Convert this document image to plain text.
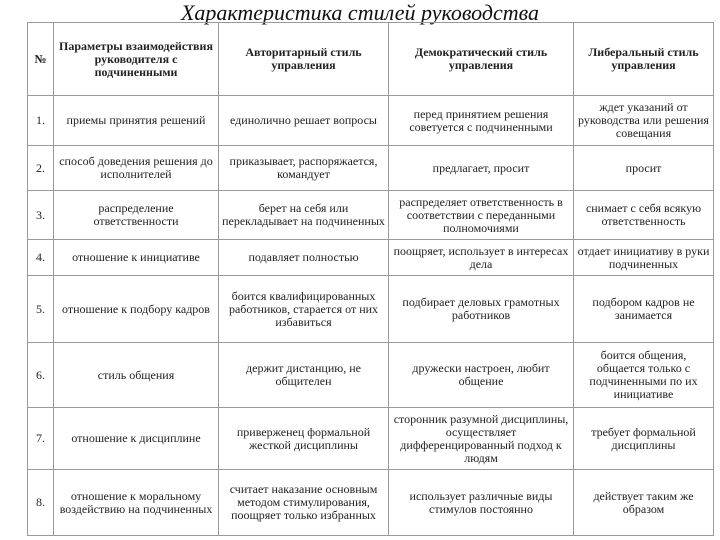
Характеристика стилей руководства
№	Параметры взаимодействия руководителя с подчиненными	Авторитарный стиль управления	Демократический стиль управления	Либеральный стиль управления
1.	приемы принятия решений	единолично решает вопросы	перед принятием решения советуется с подчиненными	ждет указаний от руководства или решения совещания
2.	способ доведения решения до исполнителей	приказывает, распоряжается, командует	предлагает, просит	просит
3.	распределение ответственности	берет на себя или перекладывает на подчиненных	распределяет ответственность в соответствии с переданными полномочиями	снимает с себя всякую ответственность
4.	отношение к инициативе	подавляет полностью	поощряет, использует в интересах дела	отдает инициативу в руки подчиненных
5.	отношение к подбору кадров	боится квалифицированных работников, старается от них избавиться	подбирает деловых грамотных работников	подбором кадров не занимается
6.	стиль общения	держит дистанцию, не общителен	дружески настроен, любит общение	боится общения, общается только с подчиненными по их инициативе
7.	отношение к дисциплине	приверженец формальной жесткой дисциплины	сторонник разумной дисциплины, осуществляет дифференцированный подход к людям	требует формальной дисциплины
8.	отношение к моральному воздействию на подчиненных	считает наказание основным методом стимулирования, поощряет только избранных	использует различные виды стимулов постоянно	действует таким же образом
